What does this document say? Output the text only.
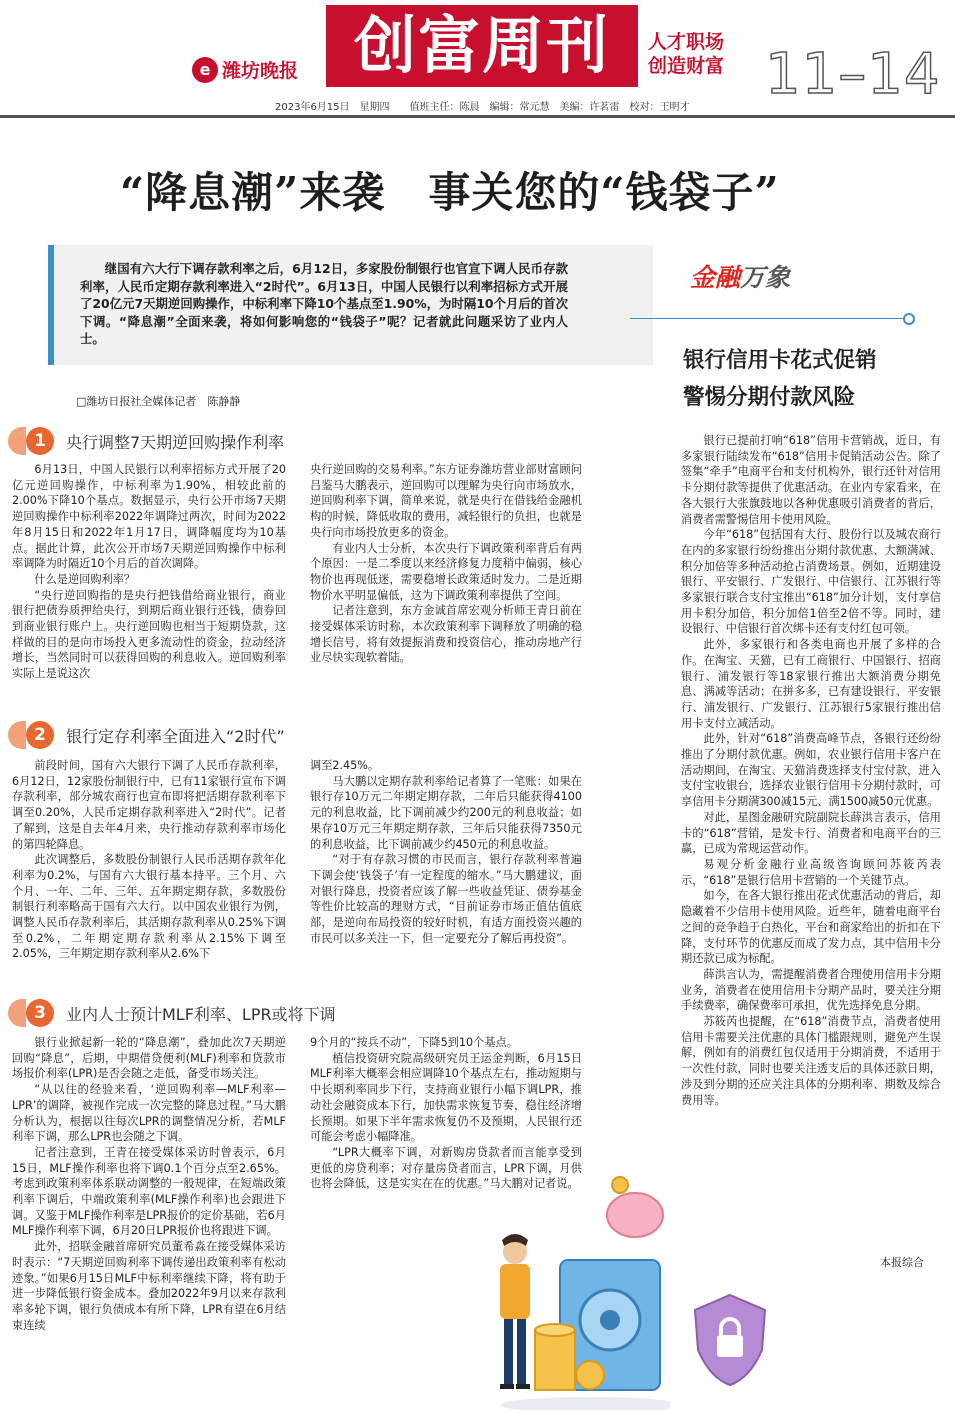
e 潍坊晚报 创富周刊	人才职场
创造财富 11–14
2023年6月15日　星期四　　值班主任：陈晨　编辑：常元慧　美编：许茗雷　校对：王明才
“降息潮”来袭　事关您的“钱袋子”
继国有六大行下调存款利率之后，6月12日，多家股份制银行也官宣下调人民币存款利率，人民币定期存款利率进入“2时代”。6月13日，中国人民银行以利率招标方式开展了20亿元7天期逆回购操作，中标利率下降10个基点至1.90%，为时隔10个月后的首次下调。“降息潮”全面来袭，将如何影响您的“钱袋子”呢？记者就此问题采访了业内人士。
□潍坊日报社全媒体记者　陈静静
1	央行调整7天期逆回购操作利率

6月13日，中国人民银行以利率招标方式开展了20亿元逆回购操作，中标利率为1.90%，相较此前的2.00%下降10个基点。数据显示，央行公开市场7天期逆回购操作中标利率2022年调降过两次，时间为2022年8月15日和2022年1月17日，调降幅度均为10基点。据此计算，此次公开市场7天期逆回购操作中标利率调降为时隔近10个月后的首次调降。

什么是逆回购利率？

“央行逆回购指的是央行把钱借给商业银行，商业银行把债券质押给央行，到期后商业银行还钱，债券回到商业银行账户上。央行逆回购也相当于短期贷款，这样做的目的是向市场投入更多流动性的资金，拉动经济增长，当然同时可以获得回购的利息收入。逆回购利率实际上是说这次

央行逆回购的交易利率。”东方证券潍坊营业部财富顾问吕鉴马大鹏表示，逆回购可以理解为央行向市场放水，逆回购利率下调，简单来说，就是央行在借钱给金融机构的时候，降低收取的费用，减轻银行的负担，也就是央行向市场投放更多的资金。

有业内人士分析，本次央行下调政策利率背后有两个原因：一是二季度以来经济修复力度稍中偏弱，核心物价也再现低迷，需要稳增长政策适时发力。二是近期物价水平明显偏低，这为下调政策利率提供了空间。

记者注意到，东方金诚首席宏观分析师王青日前在接受媒体采访时称，本次政策利率下调释放了明确的稳增长信号，将有效提振消费和投资信心，推动房地产行业尽快实现软着陆。

2	银行定存利率全面进入“2时代”

前段时间，国有六大银行下调了人民币存款利率，6月12日，12家股份制银行中，已有11家银行宣布下调存款利率，部分城农商行也宣布即将把活期存款利率下调至0.20%，人民币定期存款利率进入“2时代”。记者了解到，这是自去年4月来，央行推动存款利率市场化的第四轮降息。

此次调整后，多数股份制银行人民币活期存款年化利率为0.2%，与国有六大银行基本持平。三个月、六个月、一年、二年、三年、五年期定期存款，多数股份制银行利率略高于国有六大行。以中国农业银行为例，调整人民币存款利率后，其活期存款利率从0.25%下调至0.2%，二年期定期存款利率从2.15%下调至2.05%，三年期定期存款利率从2.6%下

调至2.45%。

马大鹏以定期存款利率给记者算了一笔账：如果在银行存10万元二年期定期存款，二年后只能获得4100元的利息收益，比下调前减少约200元的利息收益；如果存10万元三年期定期存款，三年后只能获得7350元的利息收益，比下调前减少约450元的利息收益。

“对于有存款习惯的市民而言，银行存款利率普遍下调会使‘钱袋子’有一定程度的缩水。”马大鹏建议，面对银行降息，投资者应该了解一些收益凭证、债券基金等性价比较高的理财方式，“目前证券市场正值估值底部，是逆向布局投资的较好时机，有适方面投资兴趣的市民可以多关注一下，但一定要充分了解后再投资”。

3	业内人士预计MLF利率、LPR或将下调

银行业掀起新一轮的“降息潮”，叠加此次7天期逆回购“降息”，后期，中期借贷便利(MLF)利率和贷款市场报价利率(LPR)是否会随之走低，备受市场关注。

“从以往的经验来看，‘逆回购利率—MLF利率—LPR’的调降，被视作完成一次完整的降息过程。”马大鹏分析认为，根据以往每次LPR的调整情况分析，若MLF利率下调，那么LPR也会随之下调。

记者注意到，王青在接受媒体采访时曾表示，6月15日，MLF操作利率也将下调0.1个百分点至2.65%。考虑到政策利率体系联动调整的一般规律，在短端政策利率下调后，中端政策利率(MLF操作利率)也会跟进下调。又鉴于MLF操作利率是LPR报价的定价基础，若6月MLF操作利率下调，6月20日LPR报价也将跟进下调。

此外，招联金融首席研究员董希淼在接受媒体采访时表示：“7天期逆回购利率下调传递出政策利率有松动迹象。”如果6月15日MLF中标利率继续下降，将有助于进一步降低银行资金成本。叠加2022年9月以来存款利率多轮下调，银行负债成本有所下降，LPR有望在6月结束连续

9个月的“按兵不动”，下降5到10个基点。

植信投资研究院高级研究员王运金判断，6月15日MLF利率大概率会相应调降10个基点左右，推动短期与中长期利率同步下行，支持商业银行小幅下调LPR，推动社会融资成本下行，加快需求恢复节奏，稳住经济增长预期。如果下半年需求恢复仍不及预期，人民银行还可能会考虑小幅降准。

“LPR大概率下调，对新购房贷款者而言能享受到更低的房贷利率；对存量房贷者而言，LPR下调，月供也将会降低，这是实实在在的优惠。”马大鹏对记者说。

金融万象
银行信用卡花式促销
警惕分期付款风险

银行已提前打响“618”信用卡营销战，近日，有多家银行陆续发布“618”信用卡促销活动公告。除了签集“牵手”电商平台和支付机构外，银行还针对信用卡分期付款等提供了优惠活动。在业内专家看来，在各大银行大张旗鼓地以各种优惠吸引消费者的背后，消费者需警惕信用卡使用风险。

今年“618”包括国有大行、股份行以及城农商行在内的多家银行纷纷推出分期付款优惠、大额满减、积分加倍等多种活动抢占消费场景。例如，近期建设银行、平安银行、广发银行、中信银行、江苏银行等多家银行联合支付宝推出“618”加分计划，支付享信用卡积分加倍，积分加倍1倍至2倍不等。同时，建设银行、中信银行首次绑卡还有支付红包可领。

此外，多家银行和各类电商也开展了多样的合作。在淘宝、天猫，已有工商银行、中国银行、招商银行、浦发银行等18家银行推出大额消费分期免息、满减等活动；在拼多多，已有建设银行、平安银行、浦发银行、广发银行、江苏银行5家银行推出信用卡支付立减活动。

此外，针对“618”消费高峰节点，各银行还纷纷推出了分期付款优惠。例如，农业银行信用卡客户在活动期间，在淘宝、天猫消费选择支付宝付款，进入支付宝收银台，选择农业银行信用卡分期付款时，可享信用卡分期满300减15元、满1500减50元优惠。

对此，星图金融研究院副院长薛洪言表示，信用卡的“618”营销，是发卡行、消费者和电商平台的三赢，已成为常规运营动作。

易观分析金融行业高级咨询顾问苏筱芮表示，“618”是银行信用卡营销的一个关键节点。

如今，在各大银行推出花式优惠活动的背后，却隐藏着不少信用卡使用风险。近些年，随着电商平台之间的竞争趋于白热化，平台和商家给出的折扣在下降，支付环节的优惠反而成了发力点，其中信用卡分期还款已成为标配。

薛洪言认为，需提醒消费者合理使用信用卡分期业务，消费者在使用信用卡分期产品时，要关注分期手续费率，确保费率可承担，优先选择免息分期。

苏筱芮也提醒，在“618”消费节点，消费者使用信用卡需要关注优惠的具体门槛跟规则，避免产生误解，例如有的消费红包仅适用于分期消费，不适用于一次性付款，同时也要关注透支后的具体还款日期，涉及到分期的还应关注具体的分期利率、期数及综合费用等。

本报综合
